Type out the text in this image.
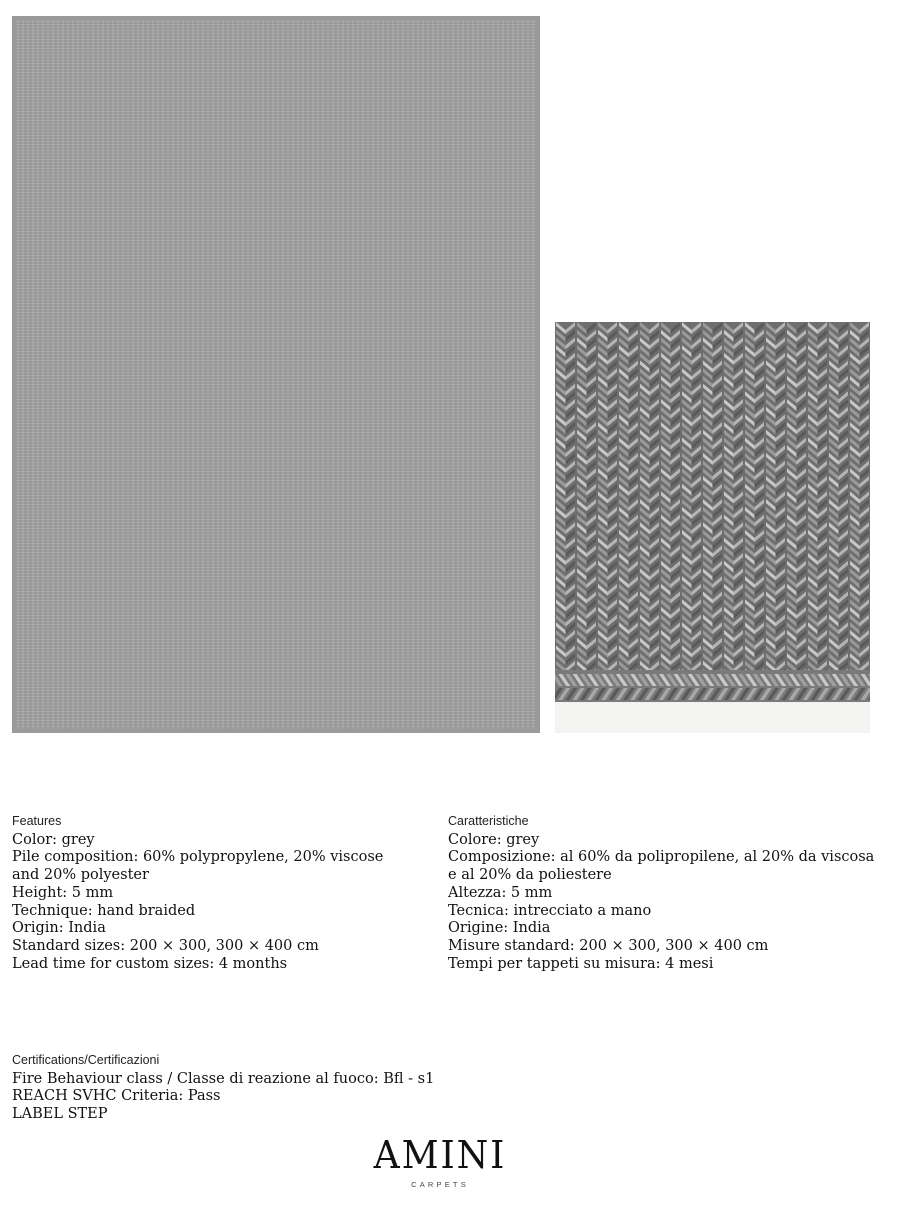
Features
Color: grey
Pile composition: 60% polypropylene, 20% viscose
and 20% polyester
Height: 5 mm
Technique: hand braided
Origin: India
Standard sizes: 200 × 300, 300 × 400 cm
Lead time for custom sizes: 4 months
Caratteristiche
Colore: grey
Composizione: al 60% da polipropilene, al 20% da viscosa
e al 20% da poliestere
Altezza: 5 mm
Tecnica: intrecciato a mano
Origine: India
Misure standard: 200 × 300, 300 × 400 cm
Tempi per tappeti su misura: 4 mesi
Certifications/Certificazioni
Fire Behaviour class / Classe di reazione al fuoco: Bfl - s1
REACH SVHC Criteria: Pass
LABEL STEP
AMINI
CARPETS
